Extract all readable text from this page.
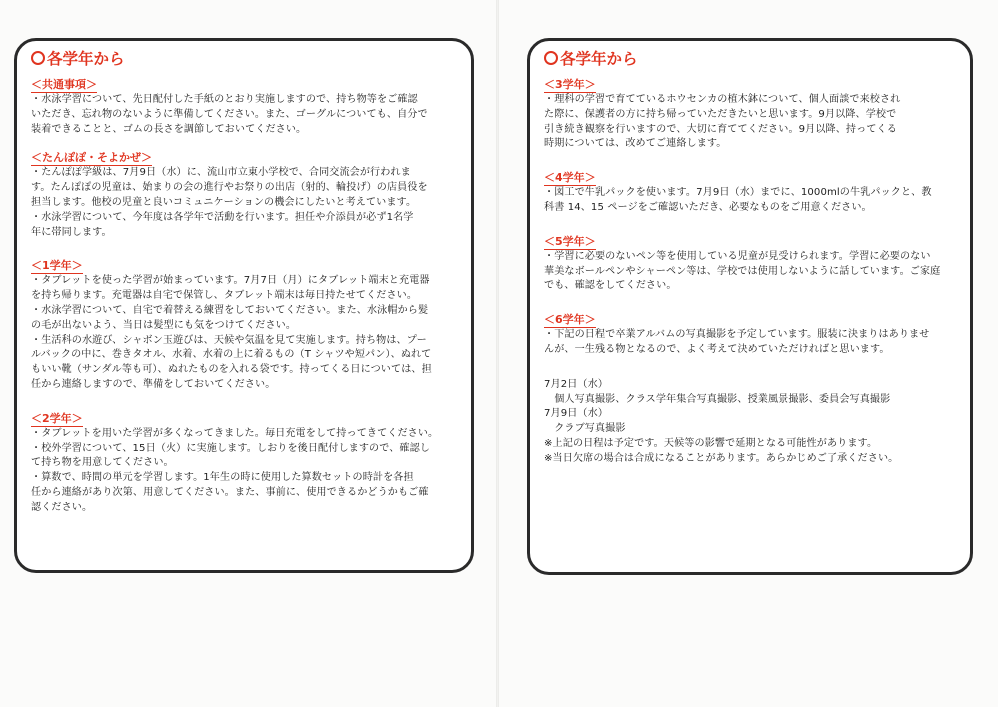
各学年から
＜共通事項＞

・水泳学習について、先日配付した手紙のとおり実施しますので、持ち物等をご確認

いただき、忘れ物のないように準備してください。また、ゴーグルについても、自分で

装着できることと、ゴムの長さを調節しておいてください。

＜たんぽぽ・そよかぜ＞

・たんぽぽ学級は、7月9日（水）に、流山市立東小学校で、合同交流会が行われま

す。たんぽぽの児童は、始まりの会の進行やお祭りの出店（射的、輪投げ）の店員役を

担当します。他校の児童と良いコミュニケーションの機会にしたいと考えています。

・水泳学習について、今年度は各学年で活動を行います。担任や介添員が必ず1名学

年に帯同します。

＜1学年＞

・タブレットを使った学習が始まっています。7月7日（月）にタブレット端末と充電器

を持ち帰ります。充電器は自宅で保管し、タブレット端末は毎日持たせてください。

・水泳学習について、自宅で着替える練習をしておいてください。また、水泳帽から髪

の毛が出ないよう、当日は髪型にも気をつけてください。

・生活科の水遊び、シャボン玉遊びは、天候や気温を見て実施します。持ち物は、プー

ルバックの中に、巻きタオル、水着、水着の上に着るもの（T シャツや短パン）、ぬれて

もいい靴（サンダル等も可）、ぬれたものを入れる袋です。持ってくる日については、担

任から連絡しますので、準備をしておいてください。

＜2学年＞

・タブレットを用いた学習が多くなってきました。毎日充電をして持ってきてください。

・校外学習について、15日（火）に実施します。しおりを後日配付しますので、確認し

て持ち物を用意してください。

・算数で、時間の単元を学習します。1年生の時に使用した算数セットの時計を各担

任から連絡があり次第、用意してください。また、事前に、使用できるかどうかもご確

認ください。

各学年から
＜3学年＞

・理科の学習で育てているホウセンカの植木鉢について、個人面談で来校され

た際に、保護者の方に持ち帰っていただきたいと思います。9月以降、学校で

引き続き観察を行いますので、大切に育ててください。9月以降、持ってくる

時期については、改めてご連絡します。

＜4学年＞

・図工で牛乳パックを使います。7月9日（水）までに、1000mlの牛乳パックと、教

科書 14、15 ページをご確認いただき、必要なものをご用意ください。

＜5学年＞

・学習に必要のないペン等を使用している児童が見受けられます。学習に必要のない

華美なボールペンやシャーペン等は、学校では使用しないように話しています。ご家庭

でも、確認をしてください。

＜6学年＞

・下記の日程で卒業アルバムの写真撮影を予定しています。服装に決まりはありませ

んが、一生残る物となるので、よく考えて決めていただければと思います。

7月2日（水）

　個人写真撮影、クラス学年集合写真撮影、授業風景撮影、委員会写真撮影

7月9日（水）

　クラブ写真撮影

※上記の日程は予定です。天候等の影響で延期となる可能性があります。

※当日欠席の場合は合成になることがあります。あらかじめご了承ください。
